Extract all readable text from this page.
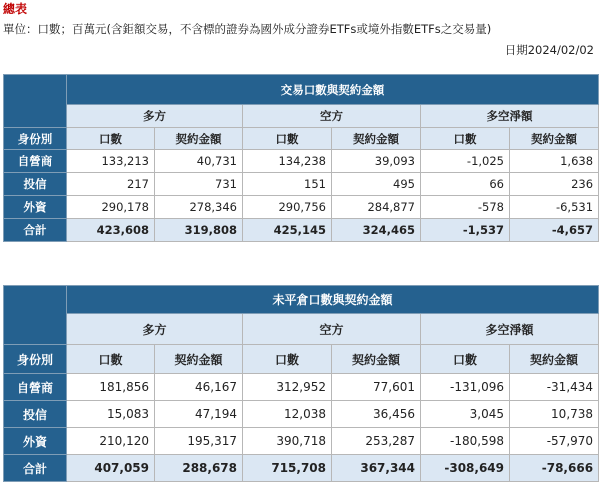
總表
單位：口數；百萬元(含鉅額交易，不含標的證券為國外成分證券ETFs或境外指數ETFs之交易量)
日期2024/02/02
	交易口數與契約金額					
	多方		空方		多空淨額	
身份別	口數	契約金額	口數	契約金額	口數	契約金額
自營商	133,213	40,731	134,238	39,093	-1,025	1,638
投信	217	731	151	495	66	236
外資	290,178	278,346	290,756	284,877	-578	-6,531
合計	423,608	319,808	425,145	324,465	-1,537	-4,657
	未平倉口數與契約金額					
	多方		空方		多空淨額	
身份別	口數	契約金額	口數	契約金額	口數	契約金額
自營商	181,856	46,167	312,952	77,601	-131,096	-31,434
投信	15,083	47,194	12,038	36,456	3,045	10,738
外資	210,120	195,317	390,718	253,287	-180,598	-57,970
合計	407,059	288,678	715,708	367,344	-308,649	-78,666
